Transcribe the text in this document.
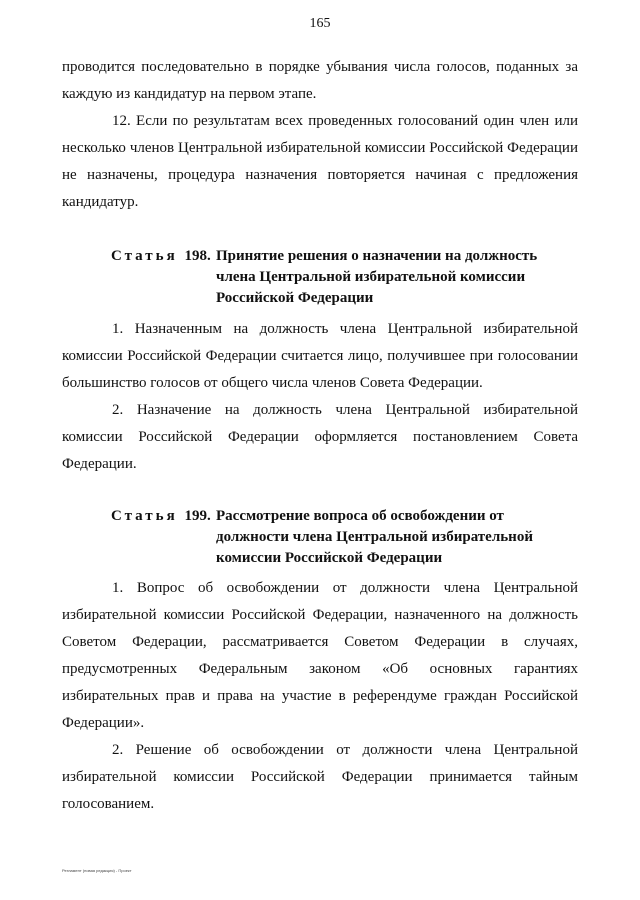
165

проводится последовательно в порядке убывания числа голосов, поданных за каждую из кандидатур на первом этапе.

12. Если по результатам всех проведенных голосований один член или несколько членов Центральной избирательной комиссии Российской Федерации не назначены, процедура назначения повторяется начиная с предложения кандидатур.

Статья 198. Принятие решения о назначении на должность
члена Центральной избирательной комиссии
Российской Федерации

1. Назначенным на должность члена Центральной избирательной комиссии Российской Федерации считается лицо, получившее при голосовании большинство голосов от общего числа членов Совета Федерации.

2. Назначение на должность члена Центральной избирательной комиссии Российской Федерации оформляется постановлением Совета Федерации.

Статья 199. Рассмотрение вопроса об освобождении от
должности члена Центральной избирательной
комиссии Российской Федерации

1. Вопрос об освобождении от должности члена Центральной избирательной комиссии Российской Федерации, назначенного на должность Советом Федерации, рассматривается Советом Федерации в случаях, предусмотренных Федеральным законом «Об основных гарантиях избирательных прав и права на участие в референдуме граждан Российской Федерации».

2. Решение об освобождении от должности члена Центральной избирательной комиссии Российской Федерации принимается тайным голосованием.

Регламент (новая редакция) - Проект
